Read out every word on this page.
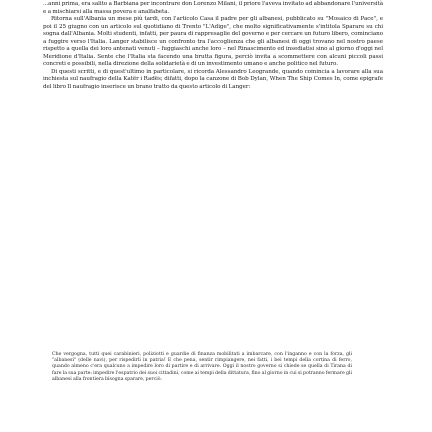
...anni prima, era salito a Barbiana per incontrare don Lorenzo Milani, il priore l'aveva invitato ad abbandonare l'università e a mischiarsi alla massa povera e analfabeta.

Ritorna sull'Albania un mese più tardi, con l'articolo Casa il padre per gli albanesi, pubblicato su "Mosaico di Pace", e poi il 25 giugno con un articolo sul quotidiano di Trento "L'Adige", che molto significativamente s'intitola Sparare su chi sogna dall'Albania. Molti studenti, infatti, per paura di rappresaglie del governo e per cercare un futuro libero, cominciano a fuggire verso l'Italia. Langer stabilisce un confronto tra l'accoglienza che gli albanesi di oggi trovano nel nostro paese rispetto a quella dei loro antenati venuti – fuggiaschi anche loro – nel Rinascimento ed insediatisi sino al giorno d'oggi nel Meridione d'Italia. Sente che l'Italia sta facendo una brutta figura, perciò invita a scommettere con alcuni piccoli passi concreti e possibili, nella direzione della solidarietà e di un investimento umano e anche politico nel futuro.

Di questi scritti, e di quest'ultimo in particolare, si ricorda Alessandro Leogrande, quando comincia a lavorare alla sua inchiesta sul naufragio della Katër i Radës; difatti, dopo la canzone di Bob Dylan, When The Ship Comes In, come epigrafe del libro Il naufragio inserisce un brano tratto da questo articolo di Langer:

Che vergogna, tutti quei carabinieri, poliziotti e guardie di finanza mobilitati a imbarcare, con l'inganno e con la forza, gli "albanesi" (delle navi), per rispedirli in patria! E che pena, sentir rimpiangere, nei fatti, i bei tempi della cortina di ferro, quando almeno c'era qualcuno a impedire loro di partire e di arrivare. Oggi il nostro governo si chiede se quella di Tirana di fare la sua parte: impedire l'espatrio dei suoi cittadini, come ai tempi della dittatura, fino al giorno in cui si potranno fermare gli albanesi alla frontiera bisogna sparare, perciò.
